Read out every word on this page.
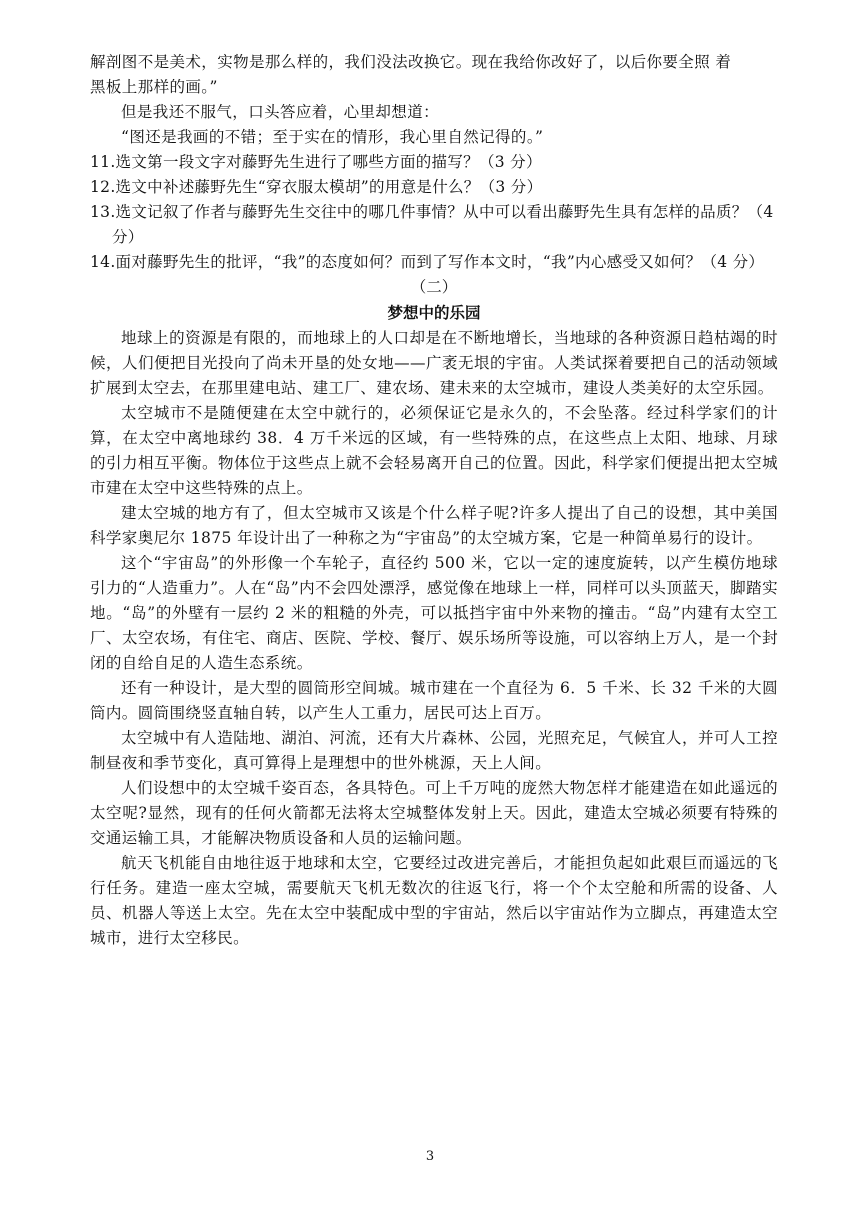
解剖图不是美术，实物是那么样的，我们没法改换它。现在我给你改好了，以后你要全照 着
黑板上那样的画。”
但是我还不服气，口头答应着，心里却想道：
“图还是我画的不错；至于实在的情形，我心里自然记得的。”

11.选文第一段文字对藤野先生进行了哪些方面的描写？（3 分）

12.选文中补述藤野先生“穿衣服太模胡”的用意是什么？（3 分）

13.选文记叙了作者与藤野先生交往中的哪几件事情？从中可以看出藤野先生具有怎样的品质？（4 分）

14.面对藤野先生的批评，“我”的态度如何？而到了写作本文时，“我”内心感受又如何？（4 分）

（二）
梦想中的乐园

地球上的资源是有限的，而地球上的人口却是在不断地增长，当地球的各种资源日趋枯竭的时候，人们便把目光投向了尚未开垦的处女地——广袤无垠的宇宙。人类试探着要把自己的活动领域扩展到太空去，在那里建电站、建工厂、建农场、建未来的太空城市，建设人类美好的太空乐园。

太空城市不是随便建在太空中就行的，必须保证它是永久的，不会坠落。经过科学家们的计算，在太空中离地球约 38．4 万千米远的区域，有一些特殊的点，在这些点上太阳、地球、月球的引力相互平衡。物体位于这些点上就不会轻易离开自己的位置。因此，科学家们便提出把太空城市建在太空中这些特殊的点上。

建太空城的地方有了，但太空城市又该是个什么样子呢?许多人提出了自己的设想，其中美国科学家奥尼尔 1875 年设计出了一种称之为“宇宙岛”的太空城方案，它是一种简单易行的设计。

这个“宇宙岛”的外形像一个车轮子，直径约 500 米，它以一定的速度旋转，以产生模仿地球引力的“人造重力”。人在“岛”内不会四处漂浮，感觉像在地球上一样，同样可以头顶蓝天，脚踏实地。“岛”的外壁有一层约 2 米的粗糙的外壳，可以抵挡宇宙中外来物的撞击。“岛”内建有太空工厂、太空农场，有住宅、商店、医院、学校、餐厅、娱乐场所等设施，可以容纳上万人，是一个封闭的自给自足的人造生态系统。

还有一种设计，是大型的圆筒形空间城。城市建在一个直径为 6．5 千米、长 32 千米的大圆筒内。圆筒围绕竖直轴自转，以产生人工重力，居民可达上百万。

太空城中有人造陆地、湖泊、河流，还有大片森林、公园，光照充足，气候宜人，并可人工控制昼夜和季节变化，真可算得上是理想中的世外桃源，天上人间。

人们设想中的太空城千姿百态，各具特色。可上千万吨的庞然大物怎样才能建造在如此遥远的太空呢?显然，现有的任何火箭都无法将太空城整体发射上天。因此，建造太空城必须要有特殊的交通运输工具，才能解决物质设备和人员的运输问题。

航天飞机能自由地往返于地球和太空，它要经过改进完善后，才能担负起如此艰巨而遥远的飞行任务。建造一座太空城，需要航天飞机无数次的往返飞行，将一个个太空舱和所需的设备、人员、机器人等送上太空。先在太空中装配成中型的宇宙站，然后以宇宙站作为立脚点，再建造太空城市，进行太空移民。

3
